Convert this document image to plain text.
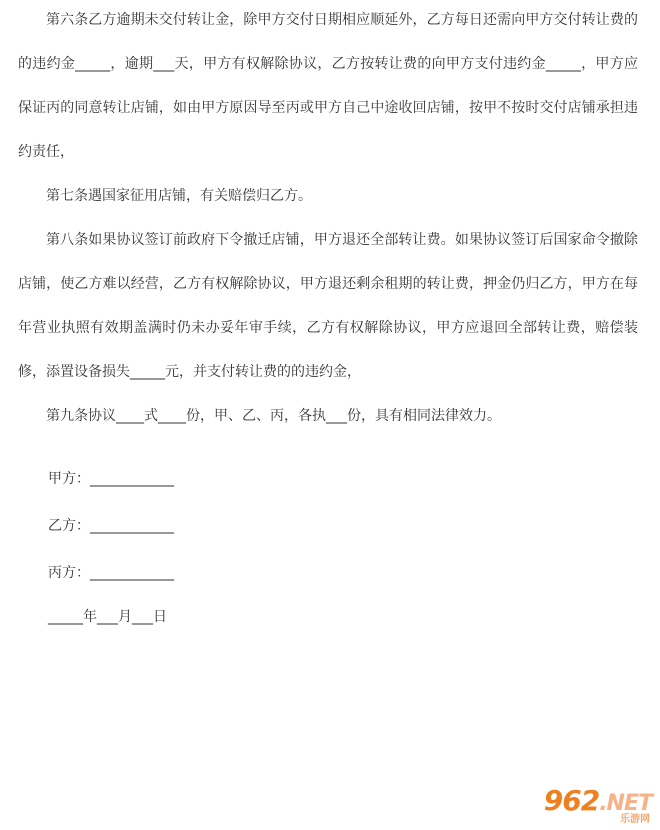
第六条乙方逾期未交付转让金，除甲方交付日期相应顺延外，乙方每日还需向甲方交付转让费的的违约金_____，逾期___天，甲方有权解除协议，乙方按转让费的向甲方支付违约金_____，甲方应保证丙的同意转让店铺，如由甲方原因导至丙或甲方自己中途收回店铺，按甲不按时交付店铺承担违约责任，

第七条遇国家征用店铺，有关赔偿归乙方。

第八条如果协议签订前政府下令撤迁店铺，甲方退还全部转让费。如果协议签订后国家命令撤除店铺，使乙方难以经营，乙方有权解除协议，甲方退还剩余租期的转让费，押金仍归乙方，甲方在每年营业执照有效期盖满时仍未办妥年审手续，乙方有权解除协议，甲方应退回全部转让费，赔偿装修，添置设备损失_____元，并支付转让费的的违约金，

第九条协议____式____份，甲、乙、丙，各执___份，具有相同法律效力。

甲方：____________

乙方：____________

丙方：____________

_____年___月___日

962.NET
乐游网
